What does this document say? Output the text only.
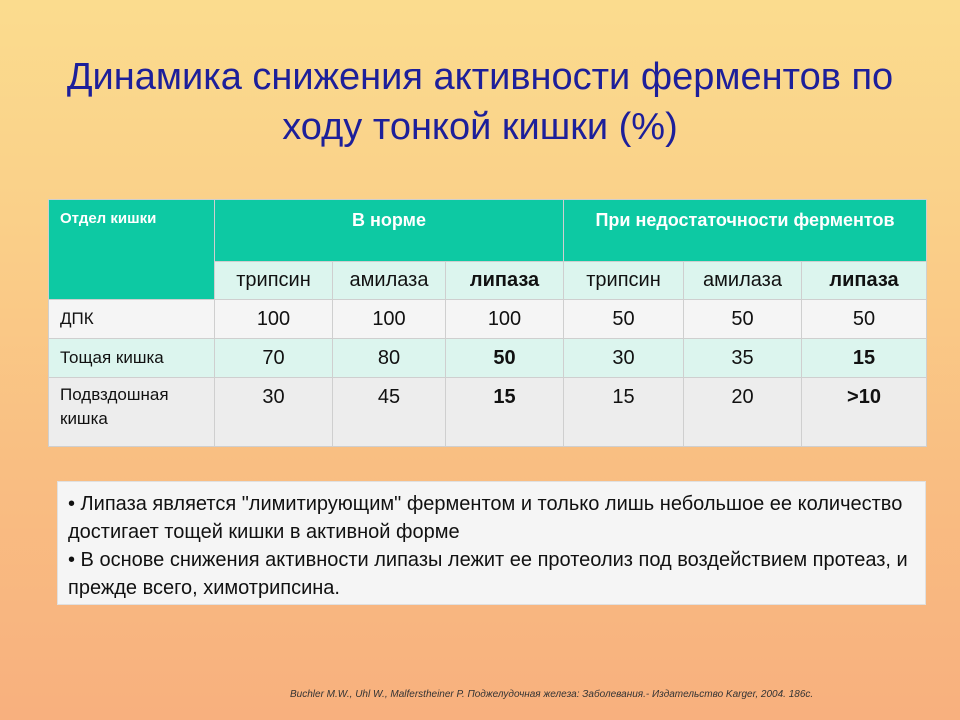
Динамика снижения активности ферментов по
ходу тонкой кишки (%)
Отдел кишки	В норме			При недостаточности ферментов		
	трипсин	амилаза	липаза	трипсин	амилаза	липаза
ДПК	100	100	100	50	50	50
Тощая кишка	70	80	50	30	35	15
Подвздошная кишка	30	45	15	15	20	>10

• Липаза является "лимитирующим" ферментом и только лишь небольшое ее количество достигает тощей кишки в активной форме

• В основе снижения активности липазы лежит ее протеолиз под воздействием протеаз, и прежде всего, химотрипсина.

Buchler M.W., Uhl W., Malferstheiner P. Поджелудочная железа: Заболевания.- Издательство Karger, 2004. 186с.
